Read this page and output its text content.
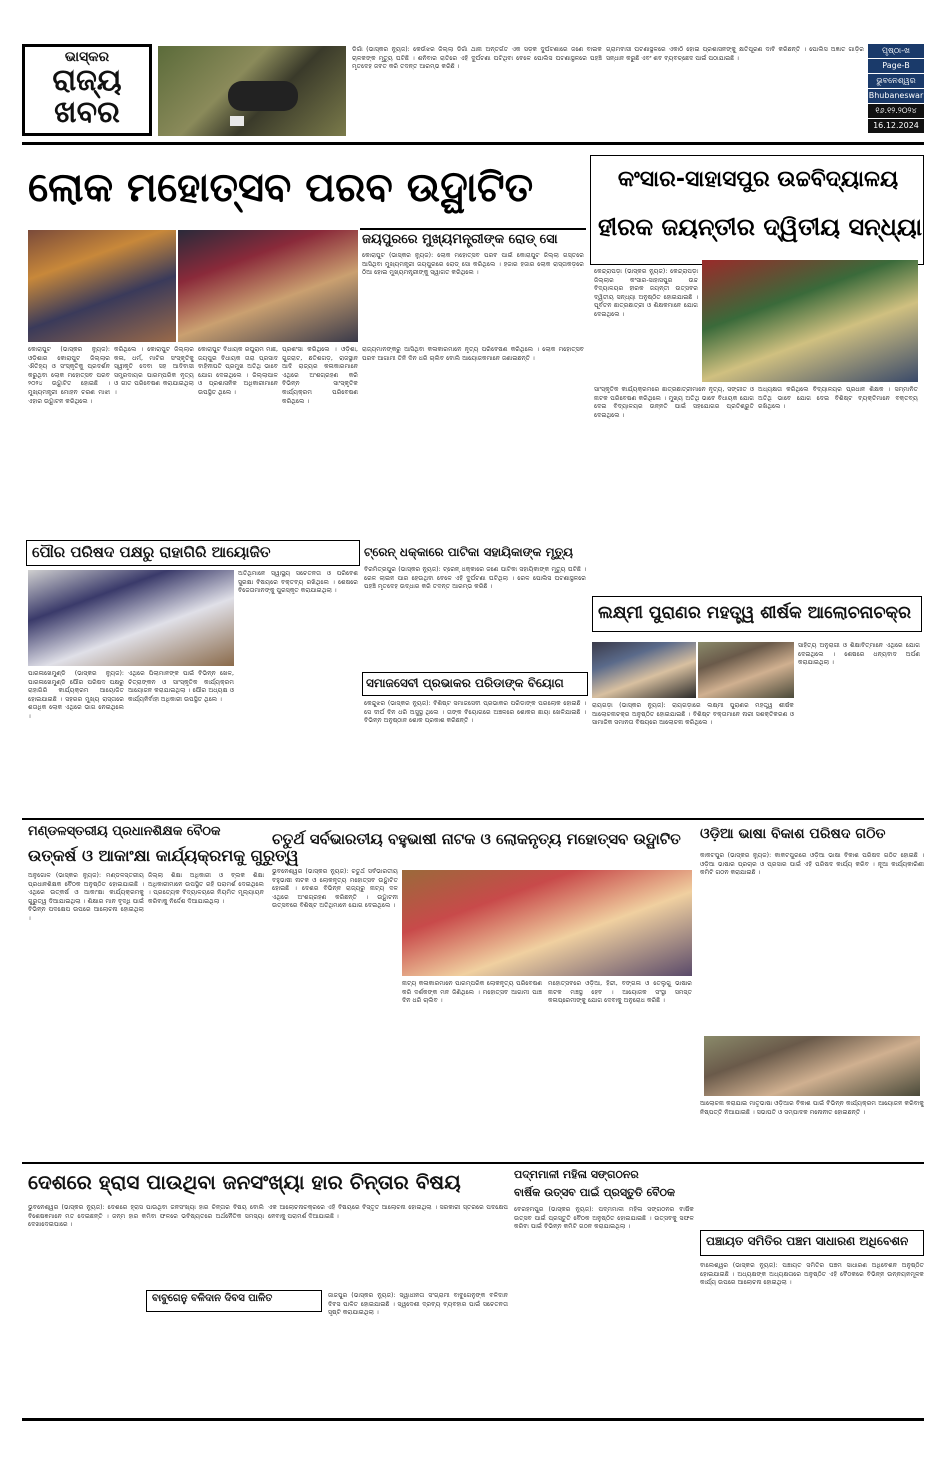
ଭାସ୍କର
ରାଜ୍ୟ
ଖବର
ଡିଗାଁ (ଭାସ୍କର ନ୍ୟୁଜ): କେଉଁଝର ଜିଲ୍ଲା ଡିଗାଁ ଥାନା ଅନ୍ତର୍ଗତ ଏକ ସଡ଼କ ଦୁର୍ଘଟଣାରେ ଜଣେ ବାଇକ ଚାଳକଙ୍କ ମୃତ୍ୟୁ ଘଟିଛି । ଶନିବାର ରାତିରେ ଏହି ଦୁର୍ଘଟଣା ଘଟିଥିବା ବେଳେ ପୋଲିସ ଘଟଣାସ୍ଥଳରେ ପହଞ୍ଚି ମୃତଦେହ ଜବତ କରି ତଦନ୍ତ ଆରମ୍ଭ କରିଛି ।
ଗ୍ରାମବାସୀ ଘଟଣାସ୍ଥଳରେ ଏକାଠି ହୋଇ ପ୍ରଶାସନଙ୍କୁ କ୍ଷତିପୂରଣ ଦାବି କରିଛନ୍ତି । ପୋଲିସ ଅଜ୍ଞାତ ଗାଡ଼ିର ସନ୍ଧାନ କରୁଛି ଏବଂ ଶବ ବ୍ୟବଚ୍ଛେଦ ପାଇଁ ପଠାଯାଇଛି ।
ପୃଷ୍ଠା-ଖ
Page-B
ଭୁବନେଶ୍ୱର
Bhubaneswar
୧୬.୧୨.୨୦୨୪
16.12.2024
ଲୋକ ମହୋତ୍ସବ ପରବ ଉଦ୍ଘାଟିତ
ଜୟପୁରରେ ମୁଖ୍ୟମନ୍ତ୍ରୀଙ୍କ ରୋଡ୍ ସୋ
କୋରାପୁଟ (ଭାସ୍କର ନ୍ୟୁଜ): ଲୋକ ମହୋତ୍ସବ ପରବ ପାଇଁ କୋରାପୁଟ ଜିଲ୍ଲା ଗସ୍ତରେ ଆସିଥିବା ମୁଖ୍ୟମନ୍ତ୍ରୀ ଜୟପୁରରେ ରୋଡ୍ ସୋ କରିଥିଲେ । ହଜାର ହଜାର ଲୋକ ରାସ୍ତାକଡ଼ରେ ଠିଆ ହୋଇ ମୁଖ୍ୟମନ୍ତ୍ରୀଙ୍କୁ ସ୍ୱାଗତ କରିଥିଲେ ।
କୋରାପୁଟ (ଭାସ୍କର ନ୍ୟୁଜ): ଓଡ଼ିଶାର କୋରାପୁଟ ଜିଲ୍ଲାର ଐତିହ୍ୟ ଓ ସଂସ୍କୃତିକୁ ପ୍ରଦର୍ଶନ କରୁଥିବା ଲୋକ ମହୋତ୍ସବ ପରବ ୨୦୨୪ ଉଦ୍ଘାଟିତ ହୋଇଛି । ମୁଖ୍ୟମନ୍ତ୍ରୀ ମୋହନ ଚରଣ ମାଝୀ ଏହାର ଉଦ୍ଘାଟନ କରିଥିଲେ ।
କରିଥିଲେ । କୋରାପୁଟ ଜିଲ୍ଲାର କଳା, ଧର୍ମ, ମାଟିର ସଂସ୍କୃତିକୁ ସ୍ୱୀକୃତି ଦେବା ସହ ଆଦିବାସୀ ସମ୍ପ୍ରଦାୟର ପାରମ୍ପରିକ ନୃତ୍ୟ ଓ ଗୀତ ପରିବେଷଣ କରାଯାଇଥିଲା ।
କୋରାପୁଟ ବିଧାୟକ ରଘୁରାମ ମାଛ, ଜୟପୁର ବିଧାୟକ ତାରା ପ୍ରସାଦ ବାହିନୀପତି ପ୍ରମୁଖ ଅତିଥି ଭାବେ ଯୋଗ ଦେଇଥିଲେ । ଜିଲ୍ଲାପାଳ ଓ ପ୍ରଶାସନିକ ଅଧିକାରୀମାନେ ଉପସ୍ଥିତ ଥିଲେ ।
ପ୍ରଶଂସା କରିଥିଲେ । ଓଡ଼ିଶା, ଗୁଜରାଟ, ଛତିଶଗଡ଼, ରାଜସ୍ଥାନ ଆଦି ରାଜ୍ୟର କଳାକାରମାନେ ଏଥିରେ ଅଂଶଗ୍ରହଣ କରି ବିଭିନ୍ନ ସାଂସ୍କୃତିକ କାର୍ଯ୍ୟକ୍ରମ ପରିବେଷଣ କରିଥିଲେ ।
ରାଜ୍ୟମାନଙ୍କରୁ ଆସିଥିବା କଳାକାରମାନେ ନୃତ୍ୟ ପରିବେଷଣ କରିଥିଲେ । ଲୋକ ମହୋତ୍ସବ ପରବ ଆଗାମୀ ତିନି ଦିନ ଧରି ଚାଲିବ ବୋଲି ଆୟୋଜକମାନେ ଜଣାଇଛନ୍ତି ।
କଂସାର-ସାହାସପୁର ଉଚ୍ଚବିଦ୍ୟାଳୟ
ହୀରକ ଜୟନ୍ତୀର ଦ୍ୱିତୀୟ ସନ୍ଧ୍ୟା
କେନ୍ଦ୍ରାପଡ଼ା (ଭାସ୍କର ନ୍ୟୁଜ): କେନ୍ଦ୍ରାପଡ଼ା ଜିଲ୍ଲାର କଂସାର-ସାହାସପୁର ଉଚ୍ଚ ବିଦ୍ୟାଳୟର ହୀରକ ଜୟନ୍ତୀ ଉତ୍ସବର ଦ୍ୱିତୀୟ ସନ୍ଧ୍ୟା ଅନୁଷ୍ଠିତ ହୋଇଯାଇଛି । ପୂର୍ବତନ ଛାତ୍ରଛାତ୍ରୀ ଓ ଶିକ୍ଷକମାନେ ଯୋଗ ଦେଇଥିଲେ ।
ସାଂସ୍କୃତିକ କାର୍ଯ୍ୟକ୍ରମରେ ଛାତ୍ରଛାତ୍ରୀମାନେ ନୃତ୍ୟ, ସଙ୍ଗୀତ ଓ ନାଟକ ପରିବେଷଣ କରିଥିଲେ । ମୁଖ୍ୟ ଅତିଥି ଭାବେ ବିଧାୟକ ଯୋଗ ଦେଇ ବିଦ୍ୟାଳୟର ଉନ୍ନତି ପାଇଁ ସହଯୋଗର ପ୍ରତିଶ୍ରୁତି ଦେଇଥିଲେ ।
ଅଧ୍ୟକ୍ଷତା କରିଥିଲେ ବିଦ୍ୟାଳୟର ପ୍ରଧାନ ଶିକ୍ଷକ । ସମ୍ମାନିତ ଅତିଥି ଭାବେ ଯୋଗ ଦେଇ ବିଶିଷ୍ଟ ବ୍ୟକ୍ତିମାନେ ବକ୍ତବ୍ୟ ରଖିଥିଲେ ।
ପୌର ପରିଷଦ ପକ୍ଷରୁ ରାହାଗିରି ଆୟୋଜିତ
ଅତିଥିମାନେ ସ୍ୱାସ୍ଥ୍ୟ ସଚେତନତା ଓ ପରିବେଶ ସୁରକ୍ଷା ବିଷୟରେ ବକ୍ତବ୍ୟ ରଖିଥିଲେ । ଶେଷରେ ବିଜେତାମାନଙ୍କୁ ପୁରସ୍କୃତ କରାଯାଇଥିଲା ।
ପାରଳାଖେମୁଣ୍ଡି (ଭାସ୍କର ନ୍ୟୁଜ): ପାରଳାଖେମୁଣ୍ଡି ପୌର ପରିଷଦ ପକ୍ଷରୁ ରାହାଗିରି କାର୍ଯ୍ୟକ୍ରମ ଆୟୋଜିତ ହୋଇଯାଇଛି । ସହରର ମୁଖ୍ୟ ରାସ୍ତାରେ ଶତାଧିକ ଲୋକ ଏଥିରେ ଭାଗ ନେଇଥିଲେ ।
ଏଥିରେ ପିଲାମାନଙ୍କ ପାଇଁ ବିଭିନ୍ନ ଖେଳ, ଚିତ୍ରାଙ୍କନ ଓ ସାଂସ୍କୃତିକ କାର୍ଯ୍ୟକ୍ରମ ଆୟୋଜନ କରାଯାଇଥିଲା । ପୌର ଅଧ୍ୟକ୍ଷ ଓ କାର୍ଯ୍ୟନିର୍ବାହୀ ଅଧିକାରୀ ଉପସ୍ଥିତ ଥିଲେ ।
ଟ୍ରେନ୍ ଧକ୍କାରେ ପାଟିକା ସହାୟିକାଙ୍କ ମୃତ୍ୟୁ
ବିରମିତ୍ରପୁର (ଭାସ୍କର ନ୍ୟୁଜ): ଟ୍ରେନ୍ ଧକ୍କାରେ ଜଣେ ପାଟିକା ସହାୟିକାଙ୍କ ମୃତ୍ୟୁ ଘଟିଛି । ରେଳ ଲାଇନ ପାର ହେଉଥିବା ବେଳେ ଏହି ଦୁର୍ଘଟଣା ଘଟିଥିଲା । ରେଳ ପୋଲିସ ଘଟଣାସ୍ଥଳରେ ପହଞ୍ଚି ମୃତଦେହ ଉଦ୍ଧାର କରି ତଦନ୍ତ ଆରମ୍ଭ କରିଛି ।
ସମାଜସେବୀ ପ୍ରଭାକର ପରିଡାଙ୍କ ବିୟୋଗ
କେନ୍ଦୁଝର (ଭାସ୍କର ନ୍ୟୁଜ): ବିଶିଷ୍ଟ ସମାଜସେବୀ ପ୍ରଭାକର ପରିଡାଙ୍କ ପରଲୋକ ହୋଇଛି । ସେ ଦୀର୍ଘ ଦିନ ଧରି ଅସୁସ୍ଥ ଥିଲେ । ତାଙ୍କ ବିୟୋଗରେ ଅଞ୍ଚଳରେ ଶୋକର ଛାୟା ଖେଳିଯାଇଛି । ବିଭିନ୍ନ ଅନୁଷ୍ଠାନ ଶୋକ ପ୍ରକାଶ କରିଛନ୍ତି ।
ଲକ୍ଷ୍ମୀ ପୁରାଣର ମହତ୍ତ୍ୱ ଶୀର୍ଷକ ଆଲୋଚନାଚକ୍ର
ସାହିତ୍ୟ ଅନୁରାଗୀ ଓ ଶିକ୍ଷାବିତ୍‌ମାନେ ଏଥିରେ ଯୋଗ ଦେଇଥିଲେ । ଶେଷରେ ଧନ୍ୟବାଦ ଅର୍ପଣ କରାଯାଇଥିଲା ।
ରାୟଗଡ଼ା (ଭାସ୍କର ନ୍ୟୁଜ): ରାୟଗଡ଼ାରେ ଲକ୍ଷ୍ମୀ ପୁରାଣର ମହତ୍ତ୍ୱ ଶୀର୍ଷକ ଆଲୋଚନାଚକ୍ର ଅନୁଷ୍ଠିତ ହୋଇଯାଇଛି । ବିଶିଷ୍ଟ ବକ୍ତାମାନେ ନାରୀ ସଶକ୍ତିକରଣ ଓ ସାମାଜିକ ସମାନତା ବିଷୟରେ ଆଲୋଚନା କରିଥିଲେ ।
ମଣ୍ଡଳସ୍ତରୀୟ ପ୍ରଧାନଶିକ୍ଷକ ବୈଠକ
ଉତ୍କର୍ଷ ଓ ଆକାଂକ୍ଷା କାର୍ଯ୍ୟକ୍ରମକୁ ଗୁରୁତ୍ୱ
ଅନୁଗୋଳ (ଭାସ୍କର ନ୍ୟୁଜ): ମଣ୍ଡଳସ୍ତରୀୟ ପ୍ରଧାନଶିକ୍ଷକ ବୈଠକ ଅନୁଷ୍ଠିତ ହୋଇଯାଇଛି । ଏଥିରେ ଉତ୍କର୍ଷ ଓ ଆକାଂକ୍ଷା କାର୍ଯ୍ୟକ୍ରମକୁ ଗୁରୁତ୍ୱ ଦିଆଯାଇଥିଲା । ଶିକ୍ଷାର ମାନ ବୃଦ୍ଧି ପାଇଁ ବିଭିନ୍ନ ପଦକ୍ଷେପ ଉପରେ ଆଲୋଚନା ହୋଇଥିଲା ।
ଜିଲ୍ଲା ଶିକ୍ଷା ଅଧିକାରୀ ଓ ବ୍ଲକ ଶିକ୍ଷା ଅଧିକାରୀମାନେ ଉପସ୍ଥିତ ରହି ପରାମର୍ଶ ଦେଇଥିଲେ । ପ୍ରତ୍ୟେକ ବିଦ୍ୟାଳୟରେ ନିୟମିତ ମୂଲ୍ୟାୟନ କରିବାକୁ ନିର୍ଦ୍ଦେଶ ଦିଆଯାଇଥିଲା ।
ଚତୁର୍ଥ ସର୍ବଭାରତୀୟ ବହୁଭାଷୀ ନାଟକ ଓ ଲୋକନୃତ୍ୟ ମହୋତ୍ସବ ଉଦ୍ଘାଟିତ
ଭୁବନେଶ୍ୱର (ଭାସ୍କର ନ୍ୟୁଜ): ଚତୁର୍ଥ ସର୍ବଭାରତୀୟ ବହୁଭାଷୀ ନାଟକ ଓ ଲୋକନୃତ୍ୟ ମହୋତ୍ସବ ଉଦ୍ଘାଟିତ ହୋଇଛି । ଦେଶର ବିଭିନ୍ନ ରାଜ୍ୟରୁ ନାଟ୍ୟ ଦଳ ଏଥିରେ ଅଂଶଗ୍ରହଣ କରିଛନ୍ତି । ଉଦ୍ଘାଟନୀ ଉତ୍ସବରେ ବିଶିଷ୍ଟ ଅତିଥିମାନେ ଯୋଗ ଦେଇଥିଲେ ।
ନାଟ୍ୟ କଳାକାରମାନେ ପାରମ୍ପରିକ ଲୋକନୃତ୍ୟ ପରିବେଷଣ କରି ଦର୍ଶକଙ୍କ ମନ ଜିଣିଥିଲେ । ମହୋତ୍ସବ ଆଗାମୀ ପାଞ୍ଚ ଦିନ ଧରି ଚାଲିବ ।
ମହୋତ୍ସବରେ ଓଡ଼ିଆ, ହିନ୍ଦୀ, ବଙ୍ଗଳା ଓ ତେଲୁଗୁ ଭାଷାର ନାଟକ ମଞ୍ଚସ୍ଥ ହେବ । ଆୟୋଜକ ସଂସ୍ଥା ସମସ୍ତ କଳାପ୍ରେମୀଙ୍କୁ ଯୋଗ ଦେବାକୁ ଅନୁରୋଧ କରିଛି ।
ଓଡ଼ିଆ ଭାଷା ବିକାଶ ପରିଷଦ ଗଠିତ
କାକଟପୁର (ଭାସ୍କର ନ୍ୟୁଜ): କାକଟପୁରରେ ଓଡ଼ିଆ ଭାଷା ବିକାଶ ପରିଷଦ ଗଠିତ ହୋଇଛି । ଓଡ଼ିଆ ଭାଷାର ପ୍ରଚାର ଓ ପ୍ରସାର ପାଇଁ ଏହି ପରିଷଦ କାର୍ଯ୍ୟ କରିବ । ନୂଆ କାର୍ଯ୍ୟକାରିଣୀ କମିଟି ଗଠନ କରାଯାଇଛି ।
ଆଲୋଚନା କରାଯାଇ ମାତୃଭାଷା ଓଡ଼ିଆର ବିକାଶ ପାଇଁ ବିଭିନ୍ନ କାର୍ଯ୍ୟକ୍ରମ ଆୟୋଜନ କରିବାକୁ ନିଷ୍ପତ୍ତି ନିଆଯାଇଛି । ସଭାପତି ଓ ସମ୍ପାଦକ ମନୋନୀତ ହୋଇଛନ୍ତି ।
ଦେଶରେ ହ୍ରାସ ପାଉଥିବା ଜନସଂଖ୍ୟା ହାର ଚିନ୍ତାର ବିଷୟ
ଭୁବନେଶ୍ୱର (ଭାସ୍କର ନ୍ୟୁଜ): ଦେଶରେ ହ୍ରାସ ପାଉଥିବା ଜନସଂଖ୍ୟା ହାର ଚିନ୍ତାର ବିଷୟ ବୋଲି ବିଶେଷଜ୍ଞମାନେ ମତ ଦେଇଛନ୍ତି । ଜନ୍ମ ହାର କମିବା ଫଳରେ ଭବିଷ୍ୟତରେ ଅର୍ଥନୈତିକ ସମସ୍ୟା ଦେଖାଦେଇପାରେ ।
ଏକ ଆଲୋଚନାଚକ୍ରରେ ଏହି ବିଷୟରେ ବିସ୍ତୃତ ଆଲୋଚନା ହୋଇଥିଲା । ସରକାରୀ ସ୍ତରରେ ପଦକ୍ଷେପ ନେବାକୁ ପରାମର୍ଶ ଦିଆଯାଇଛି ।
ବାବୁଗେନୁ ବଳିଦାନ ଦିବସ ପାଳିତ	ଜାଜପୁର (ଭାସ୍କର ନ୍ୟୁଜ): ସ୍ୱାଧୀନତା ସଂଗ୍ରାମୀ ବାବୁଗେନୁଙ୍କ ବଳିଦାନ ଦିବସ ପାଳିତ ହୋଇଯାଇଛି । ସ୍ୱଦେଶୀ ଦ୍ରବ୍ୟ ବ୍ୟବହାର ପାଇଁ ସଚେତନତା ସୃଷ୍ଟି କରାଯାଇଥିଲା ।
ପଦ୍ମମାଳୀ ମହିଳା ସଙ୍ଗଠନର
ବାର୍ଷିକ ଉତ୍ସବ ପାଇଁ ପ୍ରସ୍ତୁତି ବୈଠକ
ବେରହମପୁର (ଭାସ୍କର ନ୍ୟୁଜ): ପଦ୍ମମାଳୀ ମହିଳା ସଙ୍ଗଠନର ବାର୍ଷିକ ଉତ୍ସବ ପାଇଁ ପ୍ରସ୍ତୁତି ବୈଠକ ଅନୁଷ୍ଠିତ ହୋଇଯାଇଛି । ଉତ୍ସବକୁ ସଫଳ କରିବା ପାଇଁ ବିଭିନ୍ନ କମିଟି ଗଠନ କରାଯାଇଥିଲା ।
ପଞ୍ଚାୟତ ସମିତିର ପଞ୍ଚମ ସାଧାରଣ ଅଧିବେଶନ
ବାଲେଶ୍ୱର (ଭାସ୍କର ନ୍ୟୁଜ): ପଞ୍ଚାୟତ ସମିତିର ପଞ୍ଚମ ସାଧାରଣ ଅଧିବେଶନ ଅନୁଷ୍ଠିତ ହୋଇଯାଇଛି । ଅଧ୍ୟକ୍ଷଙ୍କ ଅଧ୍ୟକ୍ଷତାରେ ଅନୁଷ୍ଠିତ ଏହି ବୈଠକରେ ବିଭିନ୍ନ ଉନ୍ନୟନମୂଳକ କାର୍ଯ୍ୟ ଉପରେ ଆଲୋଚନା ହୋଇଥିଲା ।
